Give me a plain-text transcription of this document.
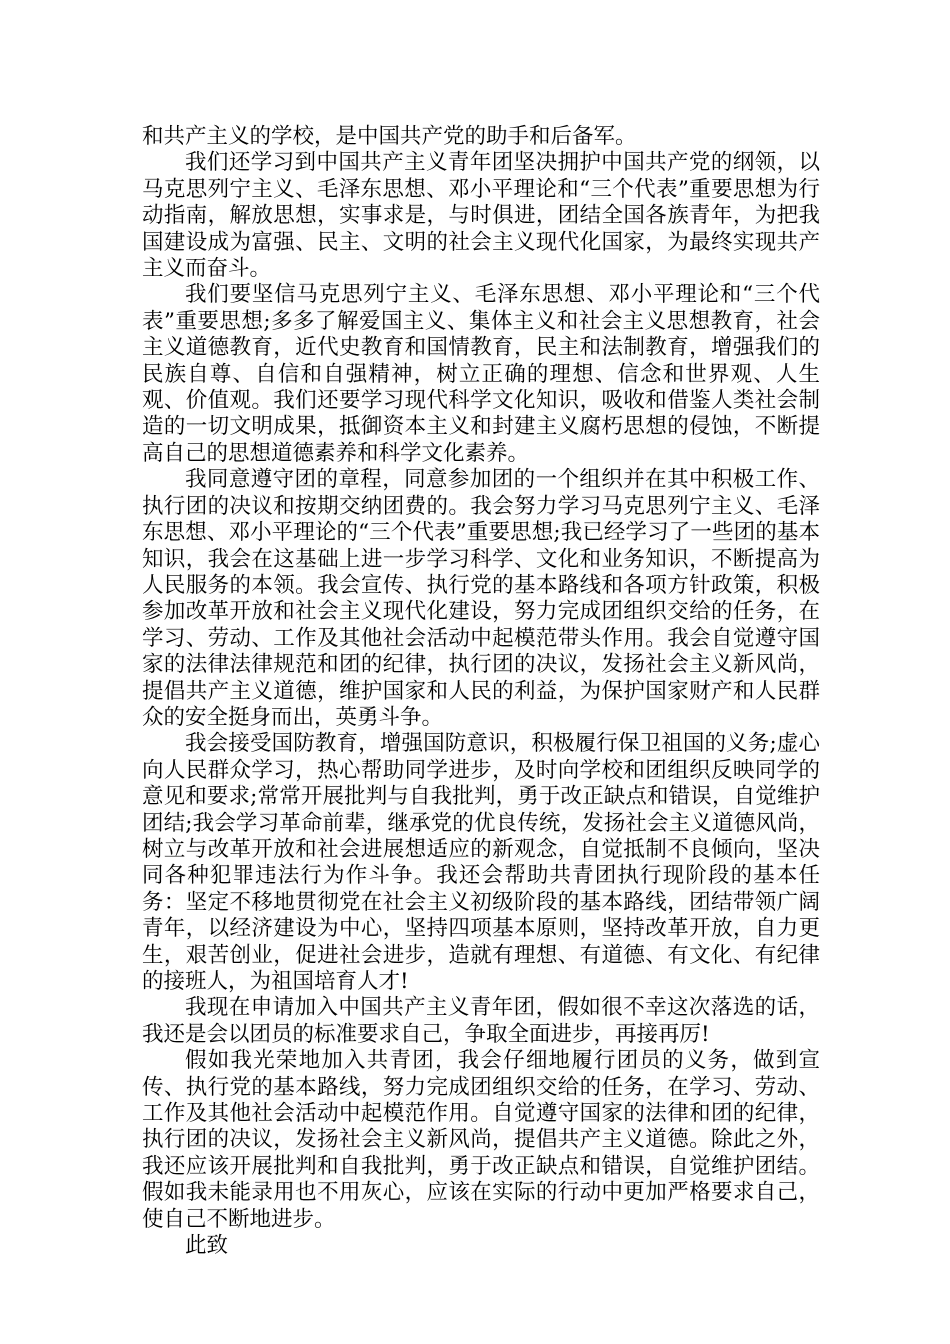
和共产主义的学校，是中国共产党的助手和后备军。

我们还学习到中国共产主义青年团坚决拥护中国共产党的纲领，以马克思列宁主义、毛泽东思想、邓小平理论和“三个代表”重要思想为行动指南，解放思想，实事求是，与时俱进，团结全国各族青年，为把我国建设成为富强、民主、文明的社会主义现代化国家，为最终实现共产主义而奋斗。

我们要坚信马克思列宁主义、毛泽东思想、邓小平理论和“三个代表”重要思想;多多了解爱国主义、集体主义和社会主义思想教育，社会主义道德教育，近代史教育和国情教育，民主和法制教育，增强我们的民族自尊、自信和自强精神，树立正确的理想、信念和世界观、人生观、价值观。我们还要学习现代科学文化知识，吸收和借鉴人类社会制造的一切文明成果，抵御资本主义和封建主义腐朽思想的侵蚀，不断提高自己的思想道德素养和科学文化素养。

我同意遵守团的章程，同意参加团的一个组织并在其中积极工作、执行团的决议和按期交纳团费的。我会努力学习马克思列宁主义、毛泽东思想、邓小平理论的“三个代表”重要思想;我已经学习了一些团的基本知识，我会在这基础上进一步学习科学、文化和业务知识，不断提高为人民服务的本领。我会宣传、执行党的基本路线和各项方针政策，积极参加改革开放和社会主义现代化建设，努力完成团组织交给的任务，在学习、劳动、工作及其他社会活动中起模范带头作用。我会自觉遵守国家的法律法律规范和团的纪律，执行团的决议，发扬社会主义新风尚，提倡共产主义道德，维护国家和人民的利益，为保护国家财产和人民群众的安全挺身而出，英勇斗争。

我会接受国防教育，增强国防意识，积极履行保卫祖国的义务;虚心向人民群众学习，热心帮助同学进步，及时向学校和团组织反映同学的意见和要求;常常开展批判与自我批判，勇于改正缺点和错误，自觉维护团结;我会学习革命前辈，继承党的优良传统，发扬社会主义道德风尚，树立与改革开放和社会进展想适应的新观念，自觉抵制不良倾向，坚决同各种犯罪违法行为作斗争。我还会帮助共青团执行现阶段的基本任务：坚定不移地贯彻党在社会主义初级阶段的基本路线，团结带领广阔青年，以经济建设为中心，坚持四项基本原则，坚持改革开放，自力更生，艰苦创业，促进社会进步，造就有理想、有道德、有文化、有纪律的接班人，为祖国培育人才!

我现在申请加入中国共产主义青年团，假如很不幸这次落选的话，我还是会以团员的标准要求自己，争取全面进步，再接再厉!

假如我光荣地加入共青团，我会仔细地履行团员的义务，做到宣传、执行党的基本路线，努力完成团组织交给的任务，在学习、劳动、工作及其他社会活动中起模范作用。自觉遵守国家的法律和团的纪律，执行团的决议，发扬社会主义新风尚，提倡共产主义道德。除此之外，我还应该开展批判和自我批判，勇于改正缺点和错误，自觉维护团结。假如我未能录用也不用灰心，应该在实际的行动中更加严格要求自己，使自己不断地进步。

此致
